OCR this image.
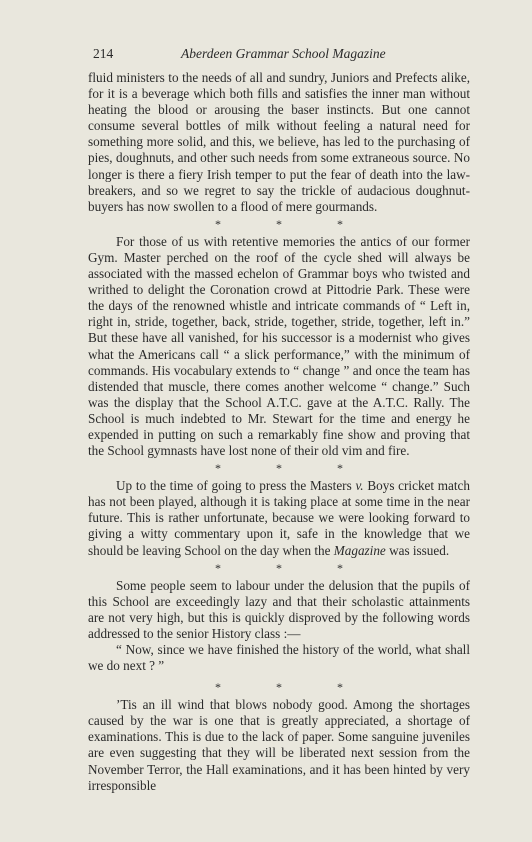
214	Aberdeen Grammar School Magazine

fluid ministers to the needs of all and sundry, Juniors and Prefects alike, for it is a beverage which both fills and satisfies the inner man without heating the blood or arousing the baser instincts. But one cannot consume several bottles of milk without feeling a natural need for something more solid, and this, we believe, has led to the purchasing of pies, doughnuts, and other such needs from some extraneous source. No longer is there a fiery Irish temper to put the fear of death into the law-breakers, and so we regret to say the trickle of audacious doughnut-buyers has now swollen to a flood of mere gourmands.

* * *

For those of us with retentive memories the antics of our former Gym. Master perched on the roof of the cycle shed will always be associated with the massed echelon of Grammar boys who twisted and writhed to delight the Coronation crowd at Pittodrie Park. These were the days of the renowned whistle and intricate commands of “ Left in, right in, stride, together, back, stride, together, stride, together, left in.” But these have all vanished, for his successor is a modernist who gives what the Americans call “ a slick performance,” with the minimum of commands. His vocabulary extends to “ change ” and once the team has distended that muscle, there comes another welcome “ change.” Such was the display that the School A.T.C. gave at the A.T.C. Rally. The School is much indebted to Mr. Stewart for the time and energy he expended in putting on such a remarkably fine show and proving that the School gymnasts have lost none of their old vim and fire.

* * *

Up to the time of going to press the Masters v. Boys cricket match has not been played, although it is taking place at some time in the near future. This is rather unfortunate, because we were looking forward to giving a witty commentary upon it, safe in the knowledge that we should be leaving School on the day when the Magazine was issued.

* * *

Some people seem to labour under the delusion that the pupils of this School are exceedingly lazy and that their scholastic attainments are not very high, but this is quickly disproved by the following words addressed to the senior History class :—

“ Now, since we have finished the history of the world, what shall we do next ? ”

* * *

’Tis an ill wind that blows nobody good. Among the shortages caused by the war is one that is greatly appreciated, a shortage of examinations. This is due to the lack of paper. Some sanguine juveniles are even suggesting that they will be liberated next session from the November Terror, the Hall examinations, and it has been hinted by very irresponsible
